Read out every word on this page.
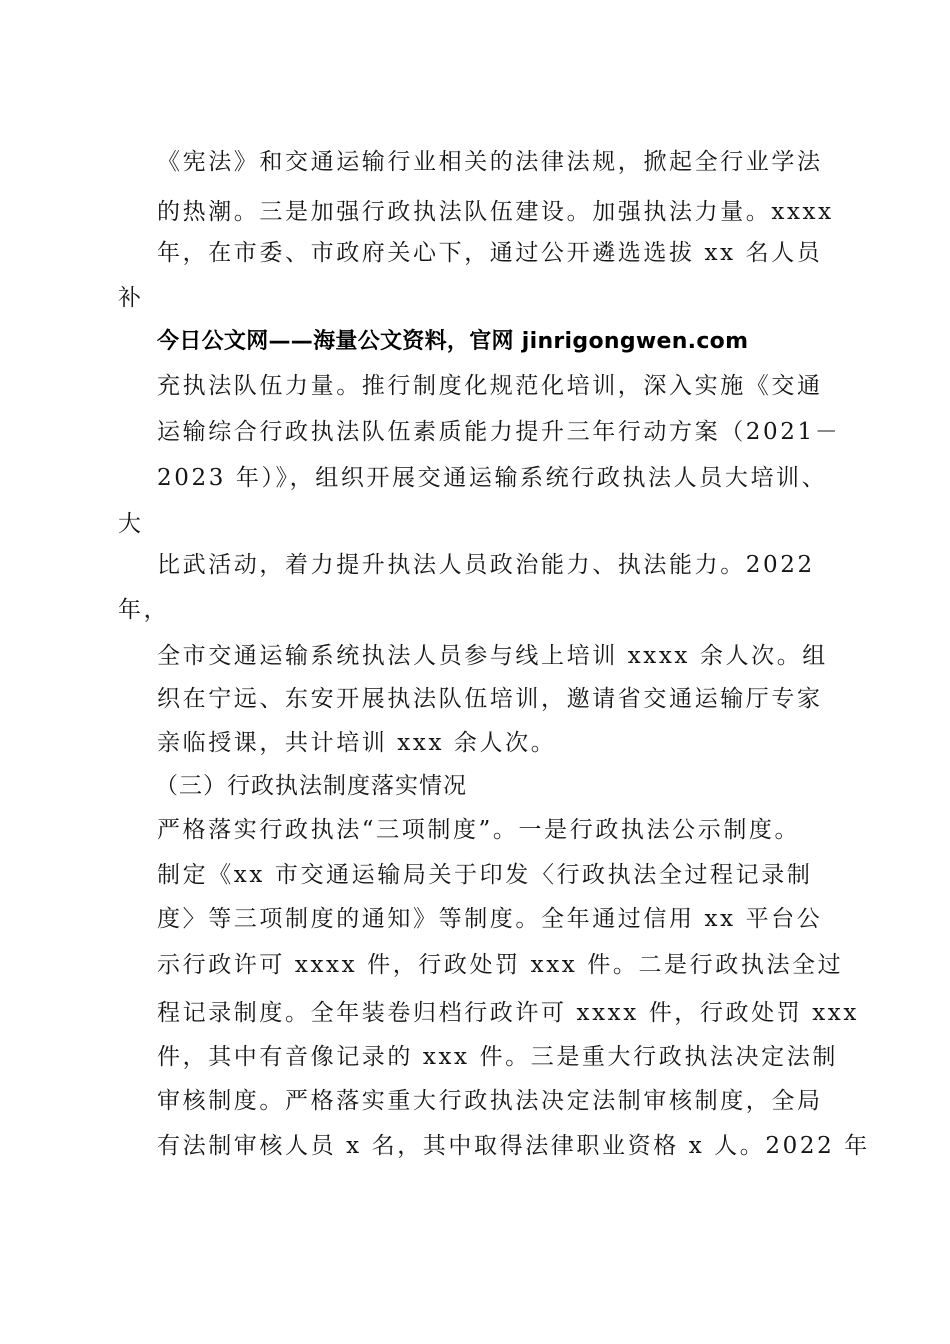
《宪法》和交通运输行业相关的法律法规，掀起全行业学法
的热潮。三是加强行政执法队伍建设。加强执法力量。xxxx
年，在市委、市政府关心下，通过公开遴选选拔 xx 名人员
补
今日公文网——海量公文资料，官网 jinrigongwen.com
充执法队伍力量。推行制度化规范化培训，深入实施《交通
运输综合行政执法队伍素质能力提升三年行动方案（2021－
2023 年）》，组织开展交通运输系统行政执法人员大培训、
大
比武活动，着力提升执法人员政治能力、执法能力。2022
年，
全市交通运输系统执法人员参与线上培训 xxxx 余人次。组
织在宁远、东安开展执法队伍培训，邀请省交通运输厅专家
亲临授课，共计培训 xxx 余人次。
（三）行政执法制度落实情况
严格落实行政执法“三项制度”。一是行政执法公示制度。
制定《xx 市交通运输局关于印发〈行政执法全过程记录制
度〉等三项制度的通知》等制度。全年通过信用 xx 平台公
示行政许可 xxxx 件，行政处罚 xxx 件。二是行政执法全过
程记录制度。全年装卷归档行政许可 xxxx 件，行政处罚 xxx
件，其中有音像记录的 xxx 件。三是重大行政执法决定法制
审核制度。严格落实重大行政执法决定法制审核制度，全局
有法制审核人员 x 名，其中取得法律职业资格 x 人。2022 年
